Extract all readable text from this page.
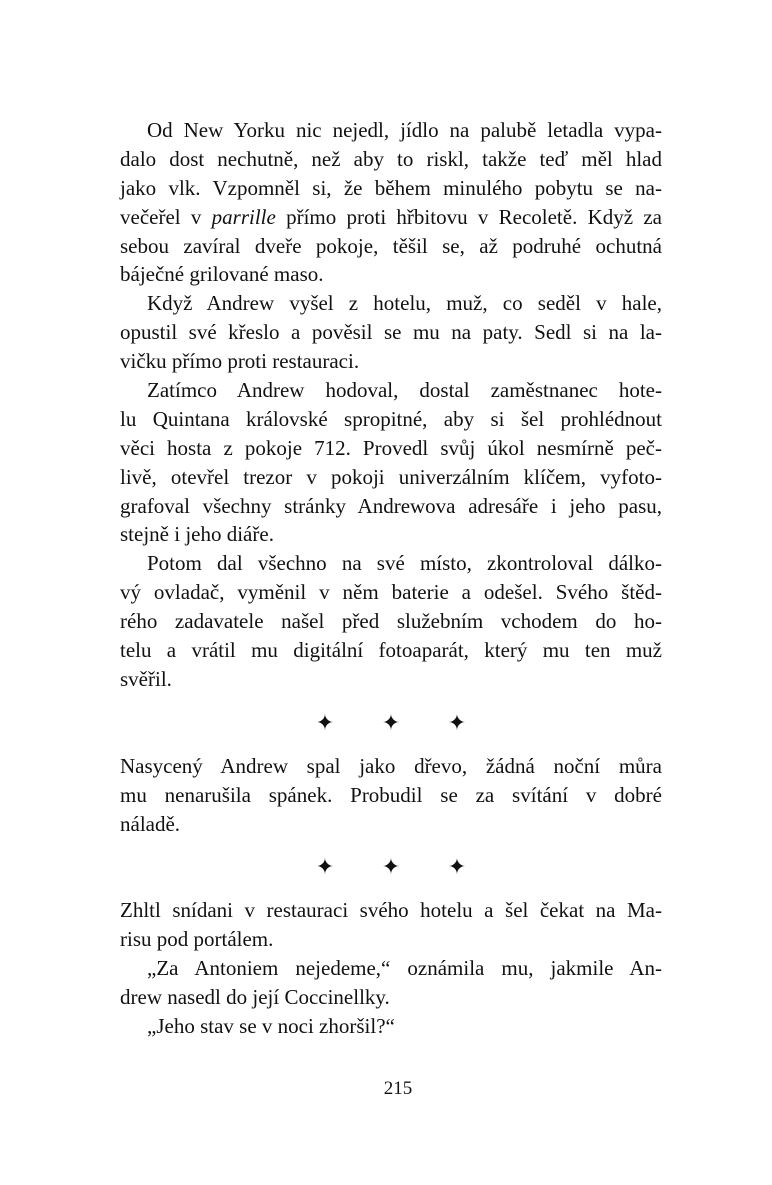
Od New Yorku nic nejedl, jídlo na palubě letadla vypa-
dalo dost nechutně, než aby to riskl, takže teď měl hlad
jako vlk. Vzpomněl si, že během minulého pobytu se na-
večeřel v parrille přímo proti hřbitovu v Recoletě. Když za
sebou zavíral dveře pokoje, těšil se, až podruhé ochutná
báječné grilované maso.
Když Andrew vyšel z hotelu, muž, co seděl v hale,
opustil své křeslo a pověsil se mu na paty. Sedl si na la-
vičku přímo proti restauraci.
Zatímco Andrew hodoval, dostal zaměstnanec hote-
lu Quintana královské spropitné, aby si šel prohlédnout
věci hosta z pokoje 712. Provedl svůj úkol nesmírně peč-
livě, otevřel trezor v pokoji univerzálním klíčem, vyfoto-
grafoval všechny stránky Andrewova adresáře i jeho pasu,
stejně i jeho diáře.
Potom dal všechno na své místo, zkontroloval dálko-
vý ovladač, vyměnil v něm baterie a odešel. Svého štěd-
rého zadavatele našel před služebním vchodem do ho-
telu a vrátil mu digitální fotoaparát, který mu ten muž
svěřil.
✦ ✦ ✦
Nasycený Andrew spal jako dřevo, žádná noční můra
mu nenarušila spánek. Probudil se za svítání v dobré
náladě.
✦ ✦ ✦
Zhltl snídani v restauraci svého hotelu a šel čekat na Ma-
risu pod portálem.
„Za Antoniem nejedeme,“ oznámila mu, jakmile An-
drew nasedl do její Coccinellky.
„Jeho stav se v noci zhoršil?“
215
